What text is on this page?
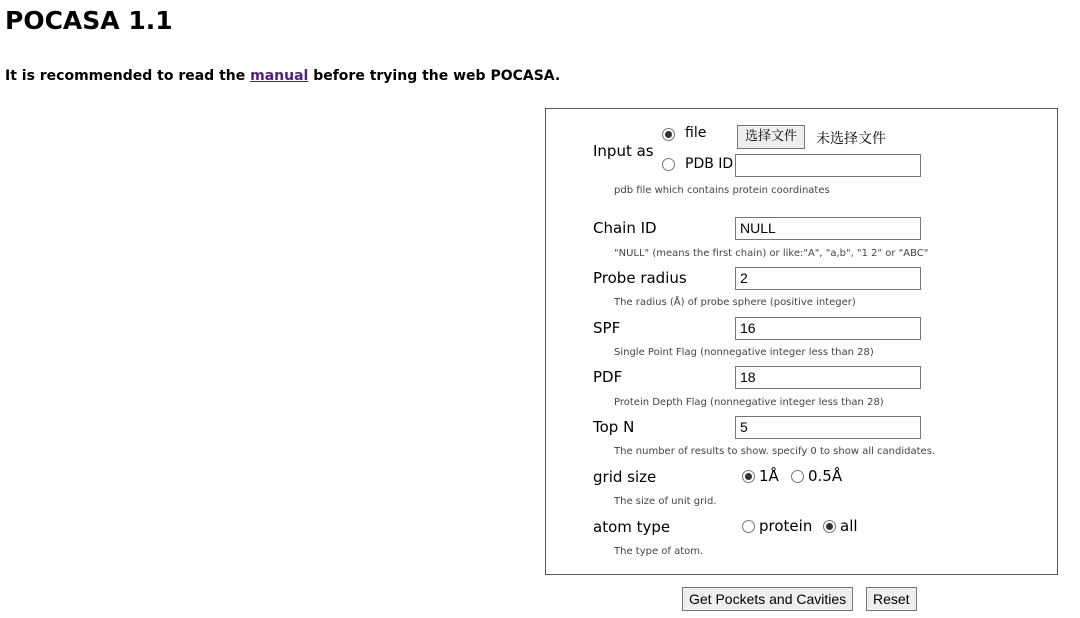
POCASA 1.1

It is recommended to read the manual before trying the web POCASA.

Input as
file	选择文件	未选择文件
PDB ID
pdb file which contains protein coordinates
Chain ID	NULL
"NULL" (means the first chain) or like:"A", "a,b", "1 2" or "ABC"
Probe radius	2
The radius (Å) of probe sphere (positive integer)
SPF	16
Single Point Flag (nonnegative integer less than 28)
PDF	18
Protein Depth Flag (nonnegative integer less than 28)
Top N	5
The number of results to show. specify 0 to show all candidates.
grid size	1Å 0.5Å
The size of unit grid.
atom type	protein all
The type of atom.
Get Pockets and Cavities	Reset
